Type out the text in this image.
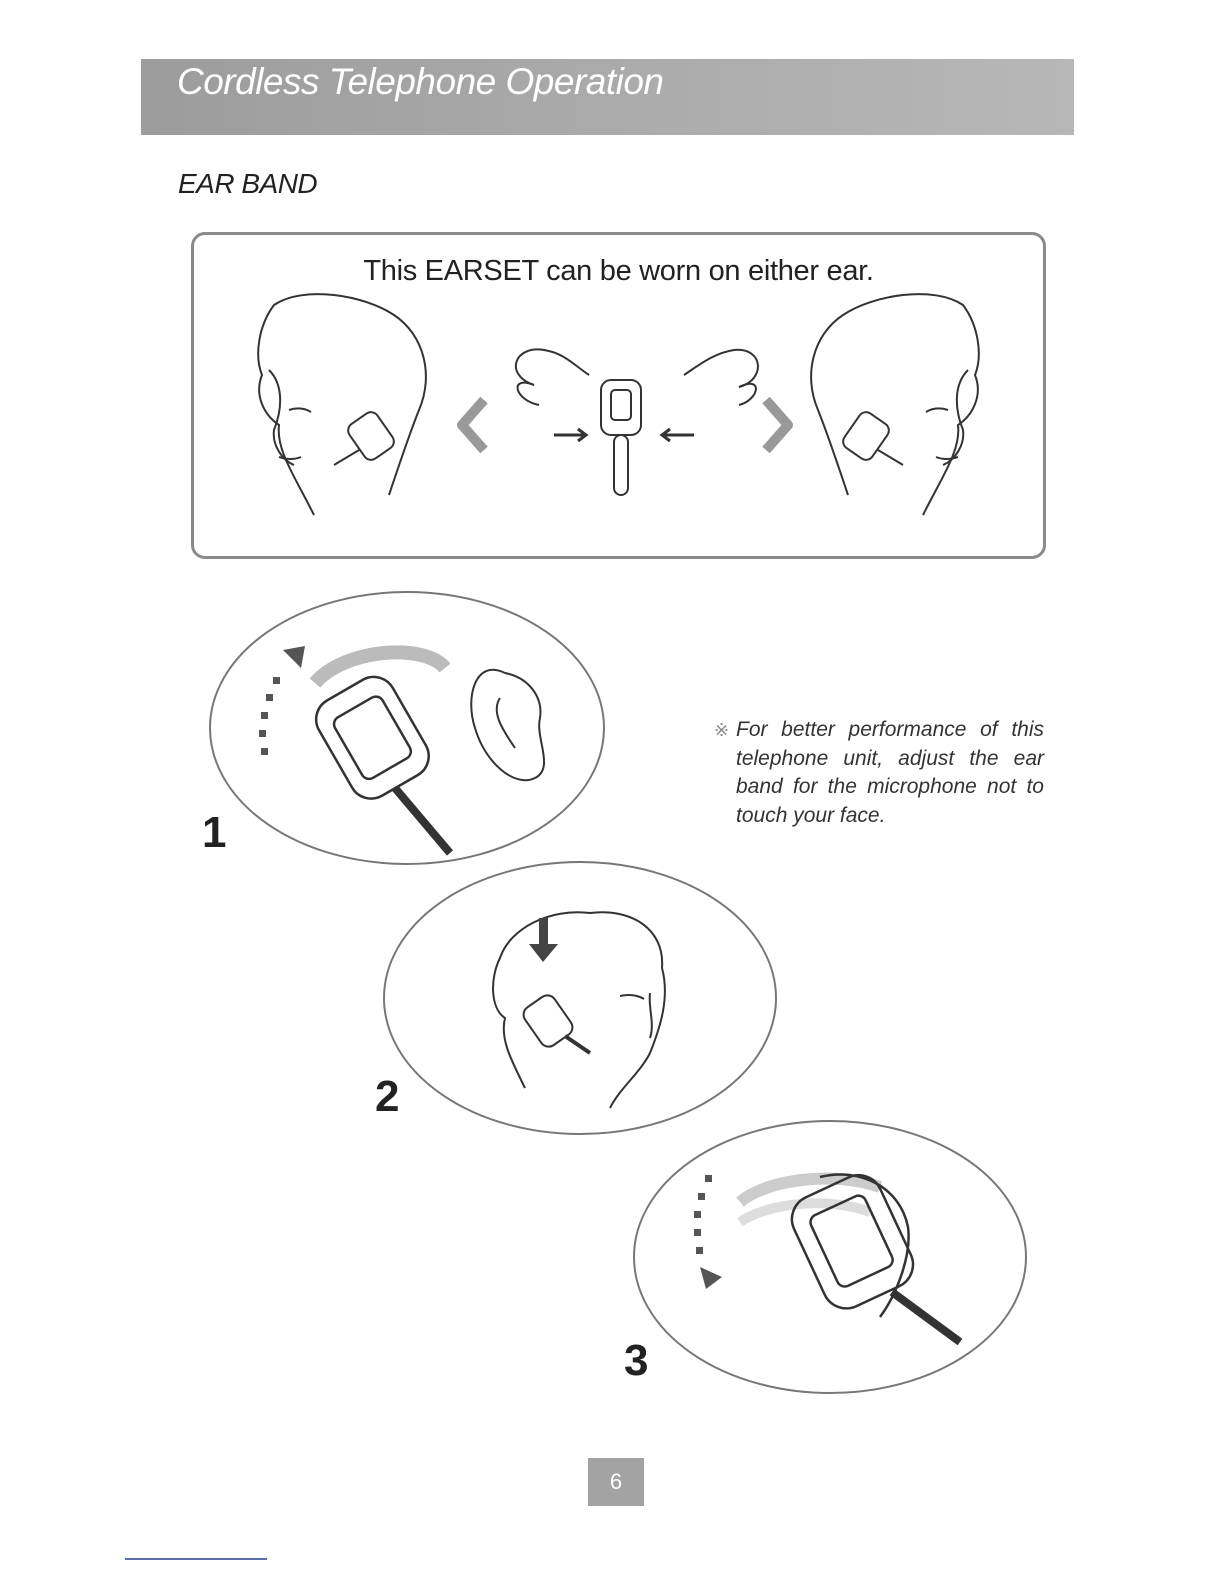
Cordless Telephone Operation
EAR BAND
This EARSET can be worn on either ear.
1
※ For better performance of this telephone unit, adjust the ear band for the microphone not to touch your face.
2
3
6
